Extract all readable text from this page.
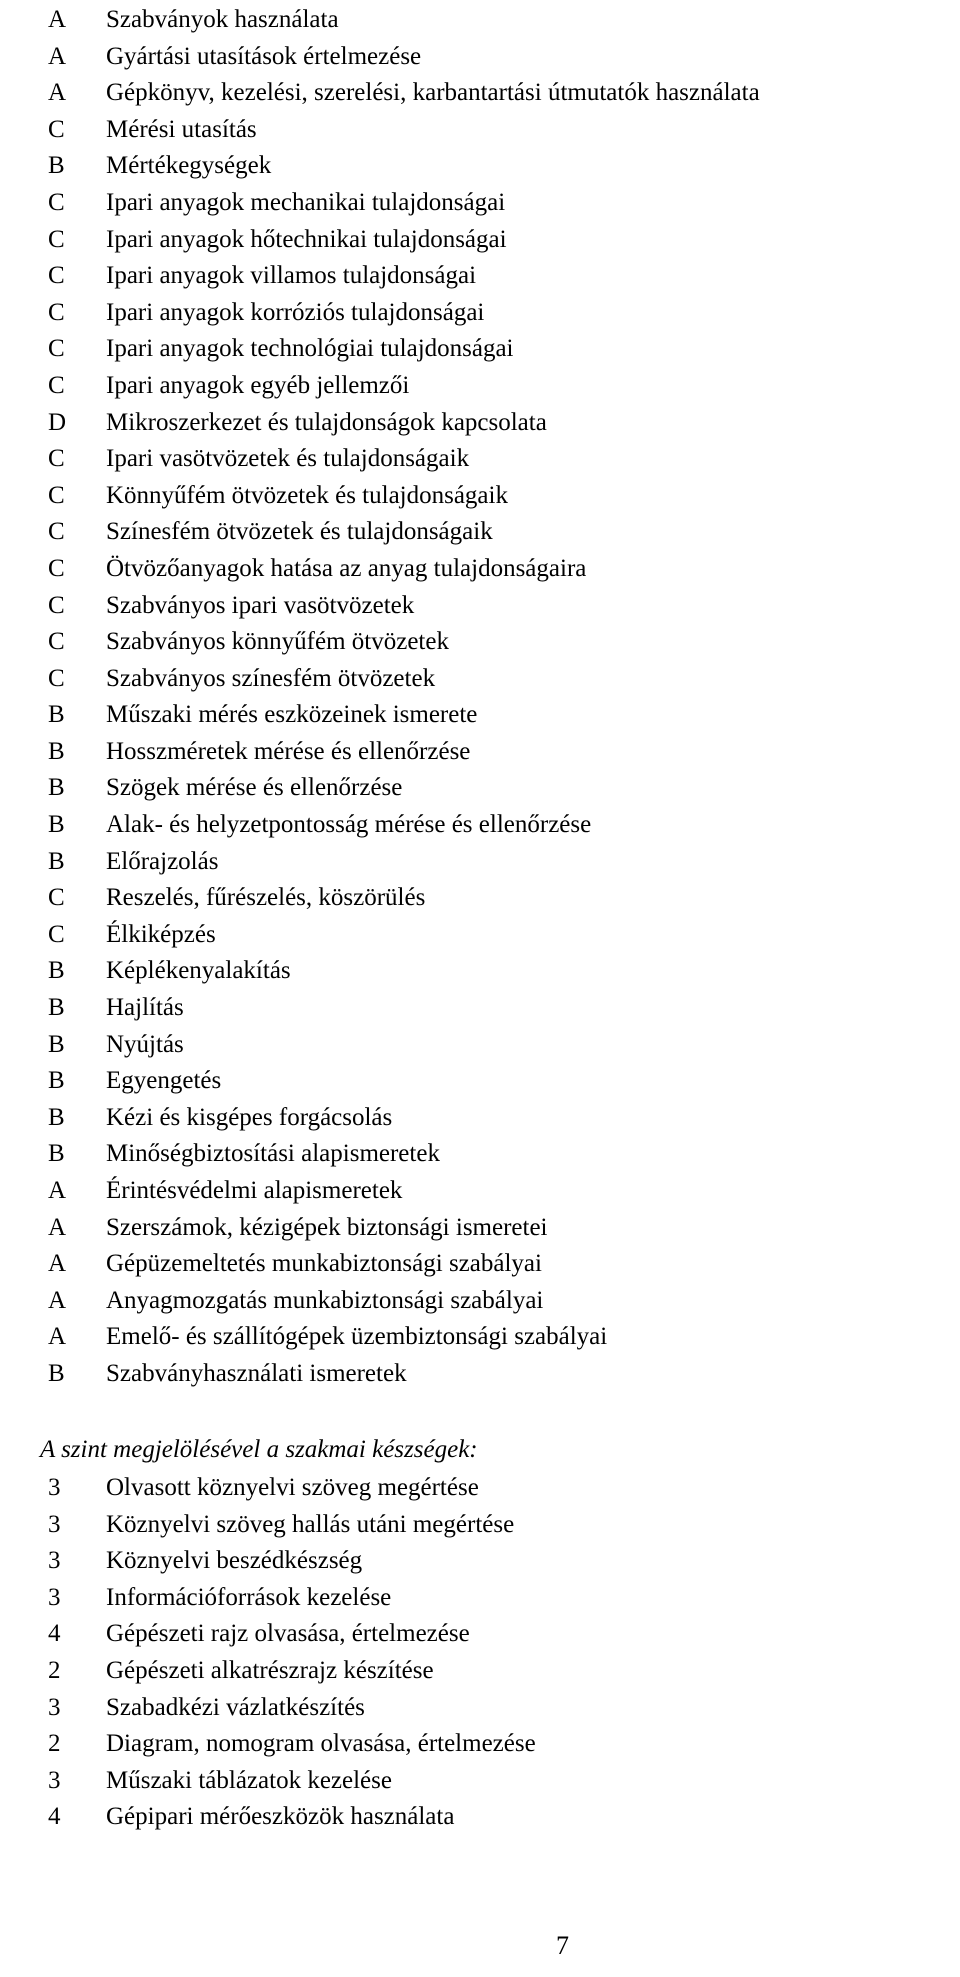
A	Szabványok használata
A	Gyártási utasítások értelmezése
A	Gépkönyv, kezelési, szerelési, karbantartási útmutatók használata
C	Mérési utasítás
B	Mértékegységek
C	Ipari anyagok mechanikai tulajdonságai
C	Ipari anyagok hőtechnikai tulajdonságai
C	Ipari anyagok villamos tulajdonságai
C	Ipari anyagok korróziós tulajdonságai
C	Ipari anyagok technológiai tulajdonságai
C	Ipari anyagok egyéb jellemzői
D	Mikroszerkezet és tulajdonságok kapcsolata
C	Ipari vasötvözetek és tulajdonságaik
C	Könnyűfém ötvözetek és tulajdonságaik
C	Színesfém ötvözetek és tulajdonságaik
C	Ötvözőanyagok hatása az anyag tulajdonságaira
C	Szabványos ipari vasötvözetek
C	Szabványos könnyűfém ötvözetek
C	Szabványos színesfém ötvözetek
B	Műszaki mérés eszközeinek ismerete
B	Hosszméretek mérése és ellenőrzése
B	Szögek mérése és ellenőrzése
B	Alak- és helyzetpontosság mérése és ellenőrzése
B	Előrajzolás
C	Reszelés, fűrészelés, köszörülés
C	Élkiképzés
B	Képlékenyalakítás
B	Hajlítás
B	Nyújtás
B	Egyengetés
B	Kézi és kisgépes forgácsolás
B	Minőségbiztosítási alapismeretek
A	Érintésvédelmi alapismeretek
A	Szerszámok, kézigépek biztonsági ismeretei
A	Gépüzemeltetés munkabiztonsági szabályai
A	Anyagmozgatás munkabiztonsági szabályai
A	Emelő- és szállítógépek üzembiztonsági szabályai
B	Szabványhasználati ismeretek
A szint megjelölésével a szakmai készségek:
3	Olvasott köznyelvi szöveg megértése
3	Köznyelvi szöveg hallás utáni megértése
3	Köznyelvi beszédkészség
3	Információforrások kezelése
4	Gépészeti rajz olvasása, értelmezése
2	Gépészeti alkatrészrajz készítése
3	Szabadkézi vázlatkészítés
2	Diagram, nomogram olvasása, értelmezése
3	Műszaki táblázatok kezelése
4	Gépipari mérőeszközök használata
7
